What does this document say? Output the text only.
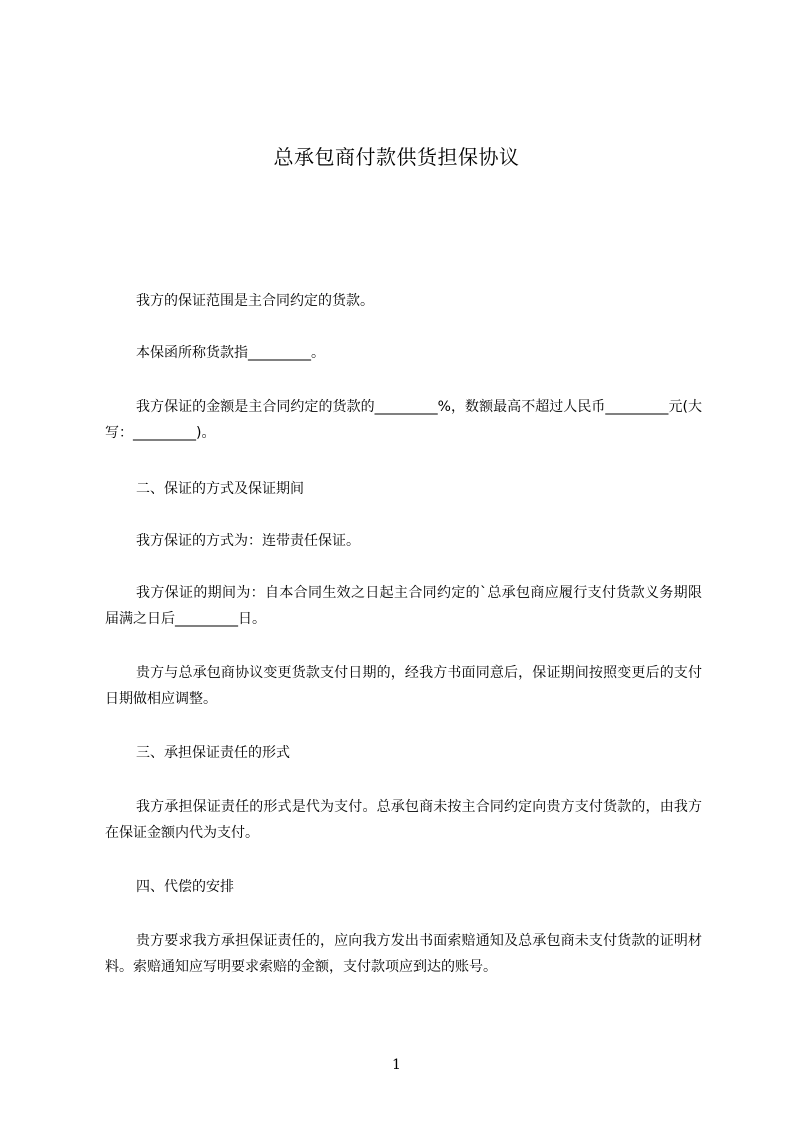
总承包商付款供货担保协议

我方的保证范围是主合同约定的货款。

本保函所称货款指_________。

我方保证的金额是主合同约定的货款的_________%，数额最高不超过人民币_________元(大写：_________)。

二、保证的方式及保证期间

我方保证的方式为：连带责任保证。

我方保证的期间为：自本合同生效之日起主合同约定的`总承包商应履行支付货款义务期限届满之日后_________日。

贵方与总承包商协议变更货款支付日期的，经我方书面同意后，保证期间按照变更后的支付日期做相应调整。

三、承担保证责任的形式

我方承担保证责任的形式是代为支付。总承包商未按主合同约定向贵方支付货款的，由我方在保证金额内代为支付。

四、代偿的安排

贵方要求我方承担保证责任的，应向我方发出书面索赔通知及总承包商未支付货款的证明材料。索赔通知应写明要求索赔的金额，支付款项应到达的账号。

1
